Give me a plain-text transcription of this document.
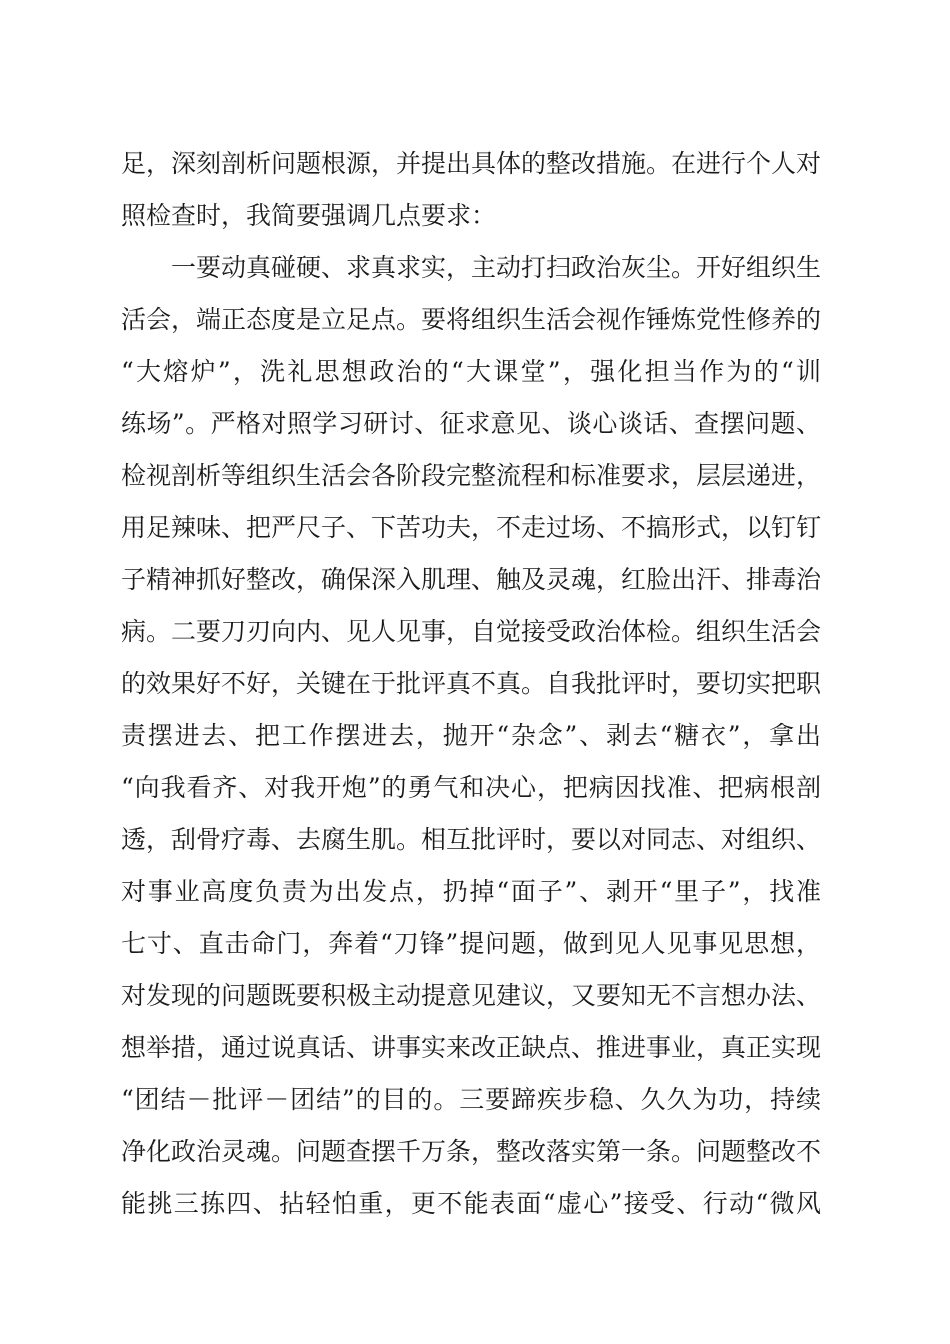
足，深刻剖析问题根源，并提出具体的整改措施。在进行个人对
照检查时，我简要强调几点要求：
一要动真碰硬、求真求实，主动打扫政治灰尘。开好组织生
活会，端正态度是立足点。要将组织生活会视作锤炼党性修养的
“大熔炉”，洗礼思想政治的“大课堂”，强化担当作为的“训
练场”。严格对照学习研讨、征求意见、谈心谈话、查摆问题、
检视剖析等组织生活会各阶段完整流程和标准要求，层层递进，
用足辣味、把严尺子、下苦功夫，不走过场、不搞形式，以钉钉
子精神抓好整改，确保深入肌理、触及灵魂，红脸出汗、排毒治
病。二要刀刃向内、见人见事，自觉接受政治体检。组织生活会
的效果好不好，关键在于批评真不真。自我批评时，要切实把职
责摆进去、把工作摆进去，抛开“杂念”、剥去“糖衣”，拿出
“向我看齐、对我开炮”的勇气和决心，把病因找准、把病根剖
透，刮骨疗毒、去腐生肌。相互批评时，要以对同志、对组织、
对事业高度负责为出发点，扔掉“面子”、剥开“里子”，找准
七寸、直击命门，奔着“刀锋”提问题，做到见人见事见思想，
对发现的问题既要积极主动提意见建议，又要知无不言想办法、
想举措，通过说真话、讲事实来改正缺点、推进事业，真正实现
“团结－批评－团结”的目的。三要蹄疾步稳、久久为功，持续
净化政治灵魂。问题查摆千万条，整改落实第一条。问题整改不
能挑三拣四、拈轻怕重，更不能表面“虚心”接受、行动“微风
